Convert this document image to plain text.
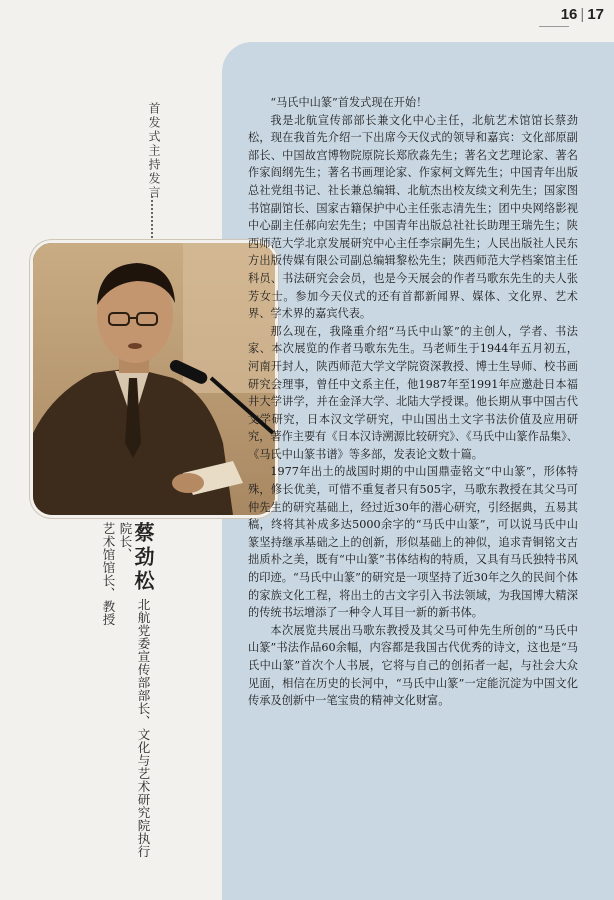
16 | 17
首发式主持发言	“马氏中山篆”首发式现在开始！

我是北航宣传部部长兼文化中心主任，北航艺术馆馆长蔡劲松，现在我首先介绍一下出席今天仪式的领导和嘉宾：文化部原副部长、中国故宫博物院原院长郑欣淼先生；著名文艺理论家、著名作家阎纲先生；著名书画理论家、作家柯文辉先生；中国青年出版总社党组书记、社长兼总编辑、北航杰出校友续文利先生；国家图书馆副馆长、国家古籍保护中心主任张志清先生；团中央网络影视中心副主任郝向宏先生；中国青年出版总社社长助理王瑞先生；陕西师范大学北京发展研究中心主任李宗嗣先生；人民出版社人民东方出版传媒有限公司副总编辑黎松先生；陕西师范大学档案馆主任科员、书法研究会会员，也是今天展会的作者马歌东先生的夫人张芳女士。参加今天仪式的还有首都新闻界、媒体、文化界、艺术界、学术界的嘉宾代表。

那么现在，我隆重介绍“马氏中山篆”的主创人，学者、书法家、本次展览的作者马歌东先生。马老师生于1944年五月初五，河南开封人，陕西师范大学文学院资深教授、博士生导师、校书画研究会理事，曾任中文系主任，他1987年至1991年应邀赴日本福井大学讲学，并在金泽大学、北陆大学授课。他长期从事中国古代文学研究，日本汉文学研究，中山国出土文字书法价值及应用研究，著作主要有《日本汉诗溯源比较研究》、《马氏中山篆作品集》、《马氏中山篆书谱》等多部，发表论文数十篇。

1977年出土的战国时期的中山国鼎壶铭文“中山篆”，形体特殊，修长优美，可惜不重复者只有505字，马歌东教授在其父马可仲先生的研究基础上，经过近30年的潜心研究，引经据典，五易其稿，终将其补成多达5000余字的“马氏中山篆”，可以说马氏中山篆坚持继承基础之上的创新，形似基础上的神似，追求青铜铭文古拙质朴之美，既有“中山篆”书体结构的特质，又具有马氏独特书风的印迹。“马氏中山篆”的研究是一项坚持了近30年之久的民间个体的家族文化工程，将出土的古文字引入书法领域，为我国博大精深的传统书坛增添了一种令人耳目一新的新书体。

本次展览共展出马歌东教授及其父马可仲先生所创的“马氏中山篆”书法作品60余幅，内容都是我国古代优秀的诗文，这也是“马氏中山篆”首次个人书展，它将与自己的创拓者一起，与社会大众见面，相信在历史的长河中，“马氏中山篆”一定能沉淀为中国文化传承及创新中一笔宝贵的精神文化财富。

蔡劲松 北航党委宣传部部长、文化与艺术研究院执行院长、
艺术馆馆长、教授
